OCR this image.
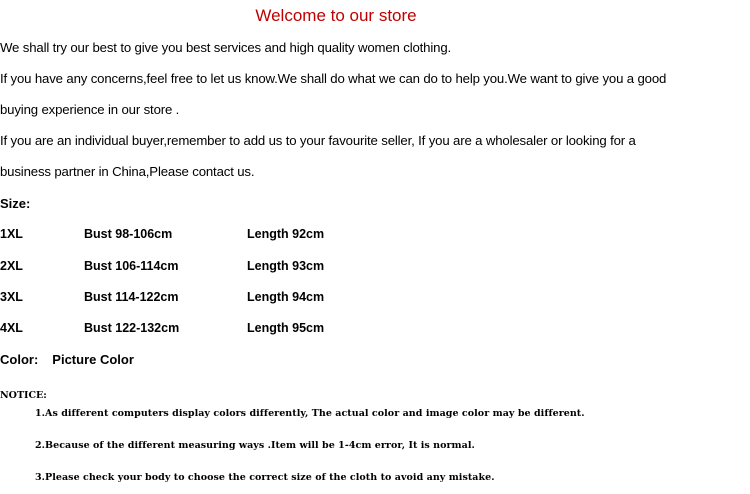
Welcome to our store
We shall try our best to give you best services and high quality women clothing.
If you have any concerns,feel free to let us know.We shall do what we can do to help you.We want to give you a good
buying experience in our store .
If you are an individual buyer,remember to add us to your favourite seller, If you are a wholesaler or looking for a
business partner in China,Please contact us.
Size:
1XL	Bust 98-106cm	Length 92cm
2XL	Bust 106-114cm	Length 93cm
3XL	Bust 114-122cm	Length 94cm
4XL	Bust 122-132cm	Length 95cm
Color: Picture Color
NOTICE:
1.As different computers display colors differently, The actual color and image color may be different.
2.Because of the different measuring ways .Item will be 1-4cm error, It is normal.
3.Please check your body to choose the correct size of the cloth to avoid any mistake.
